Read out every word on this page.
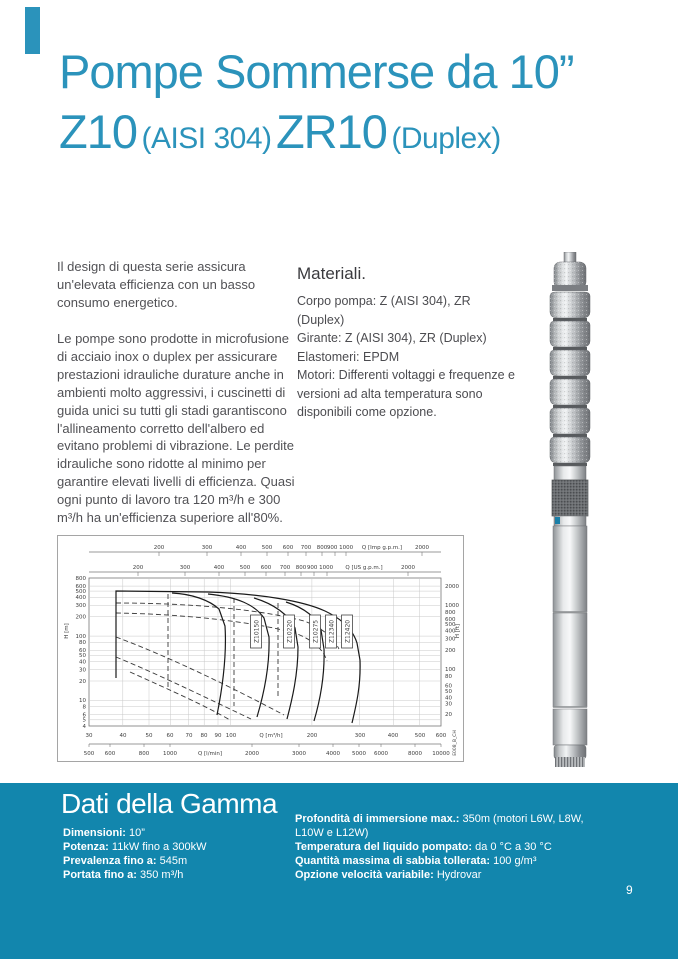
Pompe Sommerse da 10”
Z10 (AISI 304) ZR10 (Duplex)

Il design di questa serie assicura un'elevata efficienza con un basso consumo energetico.

Le pompe sono prodotte in microfusione di acciaio inox o duplex per assicurare prestazioni idrauliche durature anche in ambienti molto aggressivi, i cuscinetti di guida unici su tutti gli stadi garantiscono l'allineamento corretto dell'albero ed evitano problemi di vibrazione. Le perdite idrauliche sono ridotte al minimo per garantire elevati livelli di efficienza. Quasi ogni punto di lavoro tra 120 m³/h e 300 m³/h ha un'efficienza superiore all'80%.

Materiali.
Corpo pompa: Z (AISI 304), ZR (Duplex)
Girante: Z (AISI 304), ZR (Duplex)
Elastomeri: EPDM
Motori: Differenti voltaggi e frequenze e versioni ad alta temperatura sono disponibili come opzione.
200	300	400	500 600 700 800 900 1000	2000
Q [Imp g.p.m.]
200	300	400	500 600 700 800 900 1000	2000
Q [US g.p.m.]
800
600
500
400
300
200
100
80
60
50
40
30
20
10
8
6
5
4
H [m]
2000
1000
800
600
500
400
300
200
100
80
60
50
40
30
20
H [ft]
30	40	50	60 70 80 90 100	200	300	400	500 600
Q [m³/h]
500 600	800	1000	2000	3000	4000 5000 6000	8000 10000
Q [l/min]
Z10150	Z10220	Z10275 Z12340 Z12420
E008_B_CH
Dati della Gamma
Dimensioni: 10”
Potenza: 11kW fino a 300kW
Prevalenza fino a: 545m
Portata fino a: 350 m³/h
Profondità di immersione max.: 350m (motori L6W, L8W, L10W e L12W)
Temperatura del liquido pompato: da 0 °C a 30 °C
Quantità massima di sabbia tollerata: 100 g/m³
Opzione velocità variabile: Hydrovar
9
